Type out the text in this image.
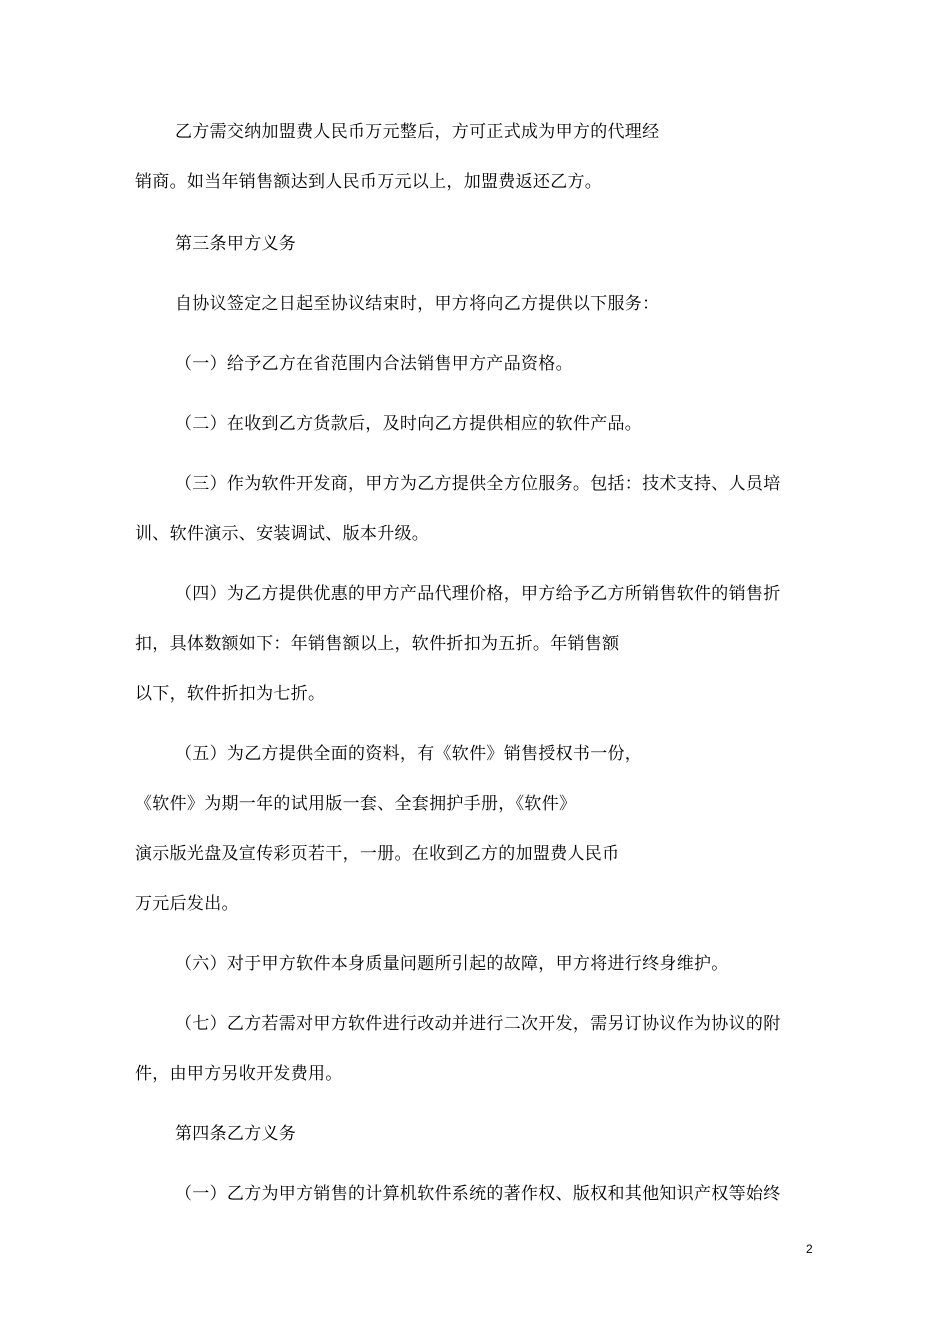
乙方需交纳加盟费人民币万元整后，方可正式成为甲方的代理经
销商。如当年销售额达到人民币万元以上，加盟费返还乙方。
第三条甲方义务
自协议签定之日起至协议结束时，甲方将向乙方提供以下服务：
（一）给予乙方在省范围内合法销售甲方产品资格。
（二）在收到乙方货款后，及时向乙方提供相应的软件产品。
（三）作为软件开发商，甲方为乙方提供全方位服务。包括：技术支持、人员培
训、软件演示、安装调试、版本升级。
（四）为乙方提供优惠的甲方产品代理价格，甲方给予乙方所销售软件的销售折
扣，具体数额如下：年销售额以上，软件折扣为五折。年销售额
以下，软件折扣为七折。
（五）为乙方提供全面的资料，有《软件》销售授权书一份，
《软件》为期一年的试用版一套、全套拥护手册，《软件》
演示版光盘及宣传彩页若干，一册。在收到乙方的加盟费人民币
万元后发出。
（六）对于甲方软件本身质量问题所引起的故障，甲方将进行终身维护。
（七）乙方若需对甲方软件进行改动并进行二次开发，需另订协议作为协议的附
件，由甲方另收开发费用。
第四条乙方义务
（一）乙方为甲方销售的计算机软件系统的著作权、版权和其他知识产权等始终
2
